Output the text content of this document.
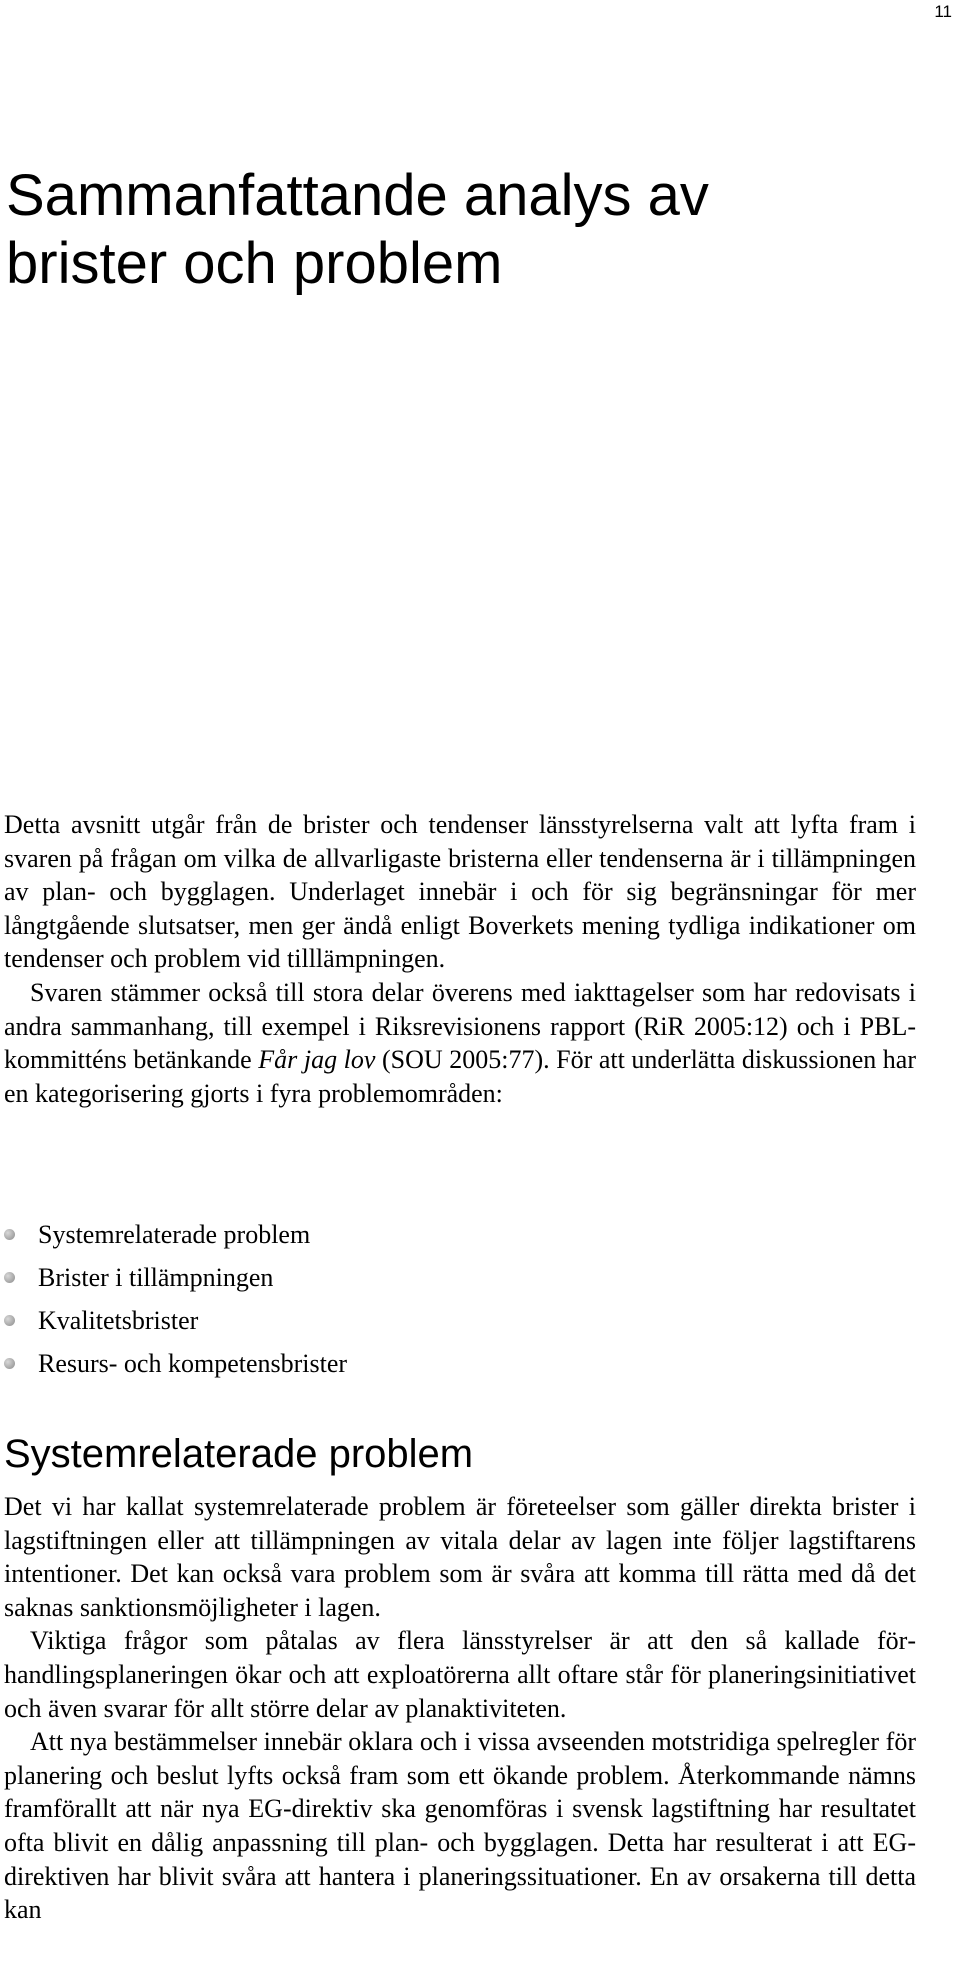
11
Sammanfattande analys av
brister och problem

Detta avsnitt utgår från de brister och tendenser länsstyrelserna valt att lyfta fram i svaren på frågan om vilka de allvarligaste bristerna eller tendenserna är i tillämpningen av plan- och bygglagen. Underlaget innebär i och för sig begränsningar för mer långtgående slutsatser, men ger ändå enligt Boverkets mening tydliga indikationer om tendenser och problem vid tilllämpningen.

Svaren stämmer också till stora delar överens med iakttagelser som har redovisats i andra sammanhang, till exempel i Riksrevisionens rapport (RiR 2005:12) och i PBL-kommitténs betänkande Får jag lov (SOU 2005:77). För att underlätta diskussionen har en kategorisering gjorts i fyra problemområden:

Systemrelaterade problem
Brister i tillämpningen
Kvalitetsbrister
Resurs- och kompetensbrister
Systemrelaterade problem

Det vi har kallat systemrelaterade problem är företeelser som gäller direkta brister i lagstiftningen eller att tillämpningen av vitala delar av lagen inte följer lagstiftarens intentioner. Det kan också vara problem som är svåra att komma till rätta med då det saknas sanktionsmöjligheter i lagen.

Viktiga frågor som påtalas av flera länsstyrelser är att den så kallade förhandlingsplaneringen ökar och att exploatörerna allt oftare står för planeringsinitiativet och även svarar för allt större delar av planaktiviteten.

Att nya bestämmelser innebär oklara och i vissa avseenden motstridiga spelregler för planering och beslut lyfts också fram som ett ökande problem. Återkommande nämns framförallt att när nya EG-direktiv ska genomföras i svensk lagstiftning har resultatet ofta blivit en dålig anpassning till plan- och bygglagen. Detta har resulterat i att EG-direktiven har blivit svåra att hantera i planeringssituationer. En av orsakerna till detta kan
